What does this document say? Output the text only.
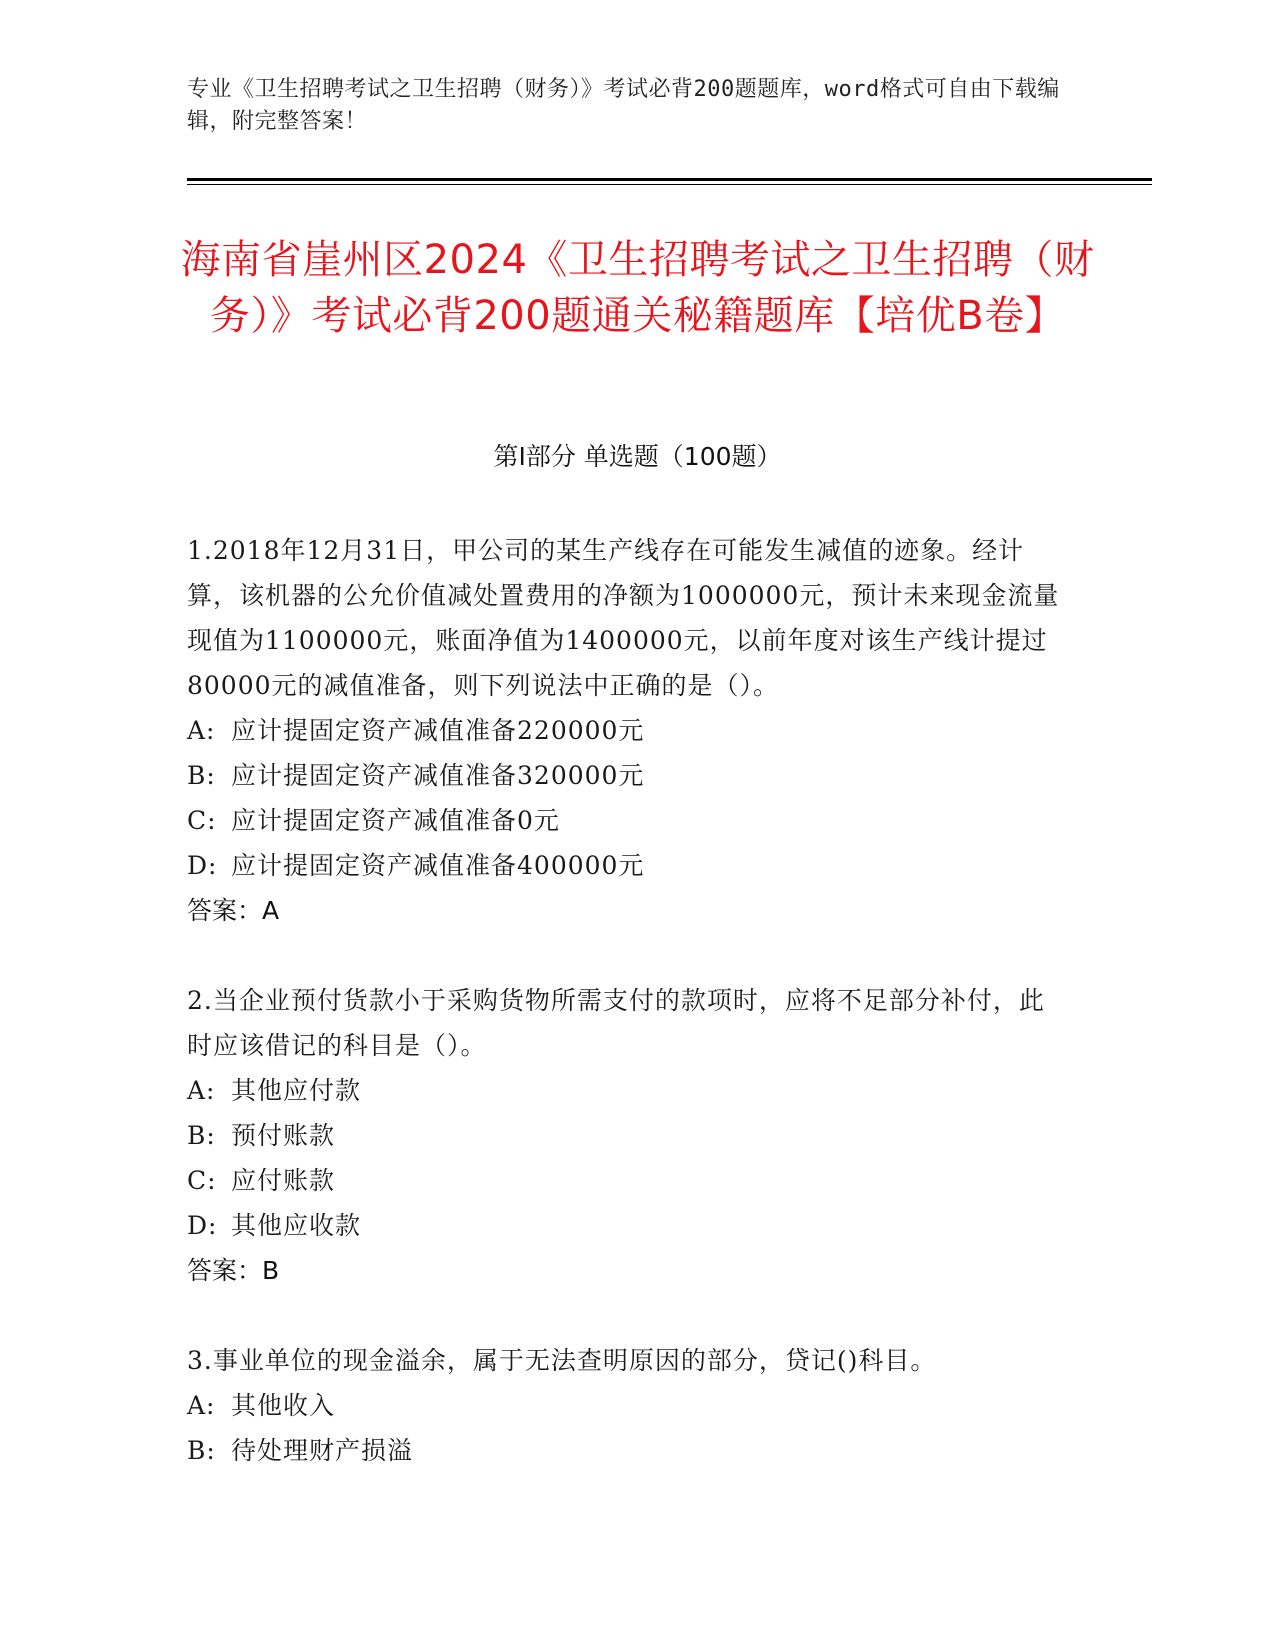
专业《卫生招聘考试之卫生招聘（财务）》考试必背200题题库，word格式可自由下载编辑，附完整答案！
海南省崖州区2024《卫生招聘考试之卫生招聘（财务）》考试必背200题通关秘籍题库【培优B卷】
第Ⅰ部分 单选题（100题）
1.2018年12月31日，甲公司的某生产线存在可能发生减值的迹象。经计算，该机器的公允价值减处置费用的净额为1000000元，预计未来现金流量现值为1100000元，账面净值为1400000元，以前年度对该生产线计提过80000元的减值准备，则下列说法中正确的是（）。
A: 应计提固定资产减值准备220000元
B: 应计提固定资产减值准备320000元
C: 应计提固定资产减值准备0元
D: 应计提固定资产减值准备400000元
答案：A
2.当企业预付货款小于采购货物所需支付的款项时，应将不足部分补付，此时应该借记的科目是（）。
A: 其他应付款
B: 预付账款
C: 应付账款
D: 其他应收款
答案：B
3.事业单位的现金溢余，属于无法查明原因的部分，贷记()科目。
A: 其他收入
B: 待处理财产损溢
